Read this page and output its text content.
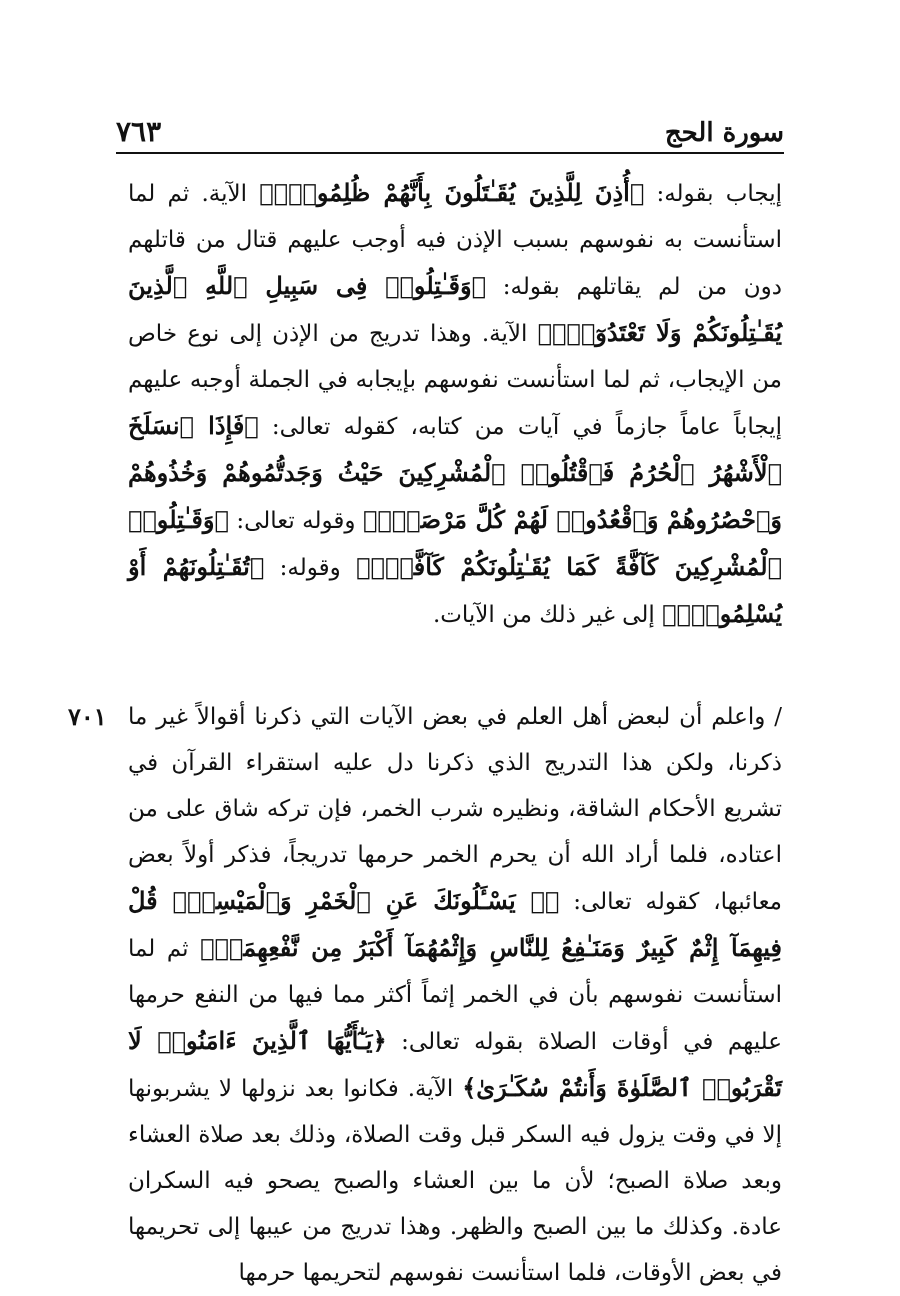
سورة الحج
٧٦٣

إيجاب بقوله: ﴿أُذِنَ لِلَّذِينَ يُقَـٰتَلُونَ بِأَنَّهُمْ ظُلِمُوا۟ۚ﴾ الآية. ثم لما استأنست به نفوسهم بسبب الإذن فيه أوجب عليهم قتال من قاتلهم دون من لم يقاتلهم بقوله: ﴿وَقَـٰتِلُوا۟ فِى سَبِيلِ ٱللَّهِ ٱلَّذِينَ يُقَـٰتِلُونَكُمْ وَلَا تَعْتَدُوٓا۟ۚ﴾ الآية. وهذا تدريج من الإذن إلى نوع خاص من الإيجاب، ثم لما استأنست نفوسهم بإيجابه في الجملة أوجبه عليهم إيجاباً عاماً جازماً في آيات من كتابه، كقوله تعالى: ﴿فَإِذَا ٱنسَلَخَ ٱلْأَشْهُرُ ٱلْحُرُمُ فَٱقْتُلُوا۟ ٱلْمُشْرِكِينَ حَيْثُ وَجَدتُّمُوهُمْ وَخُذُوهُمْ وَٱحْصُرُوهُمْ وَٱقْعُدُوا۟ لَهُمْ كُلَّ مَرْصَدٍۚ﴾ وقوله تعالى: ﴿وَقَـٰتِلُوا۟ ٱلْمُشْرِكِينَ كَآفَّةً كَمَا يُقَـٰتِلُونَكُمْ كَآفَّةًۚ﴾ وقوله: ﴿تُقَـٰتِلُونَهُمْ أَوْ يُسْلِمُونَۖ﴾ إلى غير ذلك من الآيات.

٧٠١ / واعلم أن لبعض أهل العلم في بعض الآيات التي ذكرنا أقوالاً غير ما ذكرنا، ولكن هذا التدريج الذي ذكرنا دل عليه استقراء القرآن في تشريع الأحكام الشاقة، ونظيره شرب الخمر، فإن تركه شاق على من اعتاده، فلما أراد الله أن يحرم الخمر حرمها تدريجاً، فذكر أولاً بعض معائبها، كقوله تعالى: ﴿۞ يَسْـَٔلُونَكَ عَنِ ٱلْخَمْرِ وَٱلْمَيْسِرِۖ قُلْ فِيهِمَآ إِثْمٌ كَبِيرٌ وَمَنَـٰفِعُ لِلنَّاسِ وَإِثْمُهُمَآ أَكْبَرُ مِن نَّفْعِهِمَاۗ﴾ ثم لما استأنست نفوسهم بأن في الخمر إثماً أكثر مما فيها من النفع حرمها عليهم في أوقات الصلاة بقوله تعالى: ﴿يَـٰٓأَيُّهَا ٱلَّذِينَ ءَامَنُوا۟ لَا تَقْرَبُوا۟ ٱلصَّلَوٰةَ وَأَنتُمْ سُكَـٰرَىٰ﴾ الآية. فكانوا بعد نزولها لا يشربونها إلا في وقت يزول فيه السكر قبل وقت الصلاة، وذلك بعد صلاة العشاء وبعد صلاة الصبح؛ لأن ما بين العشاء والصبح يصحو فيه السكران عادة. وكذلك ما بين الصبح والظهر. وهذا تدريج من عيبها إلى تحريمها في بعض الأوقات، فلما استأنست نفوسهم لتحريمها حرمها
